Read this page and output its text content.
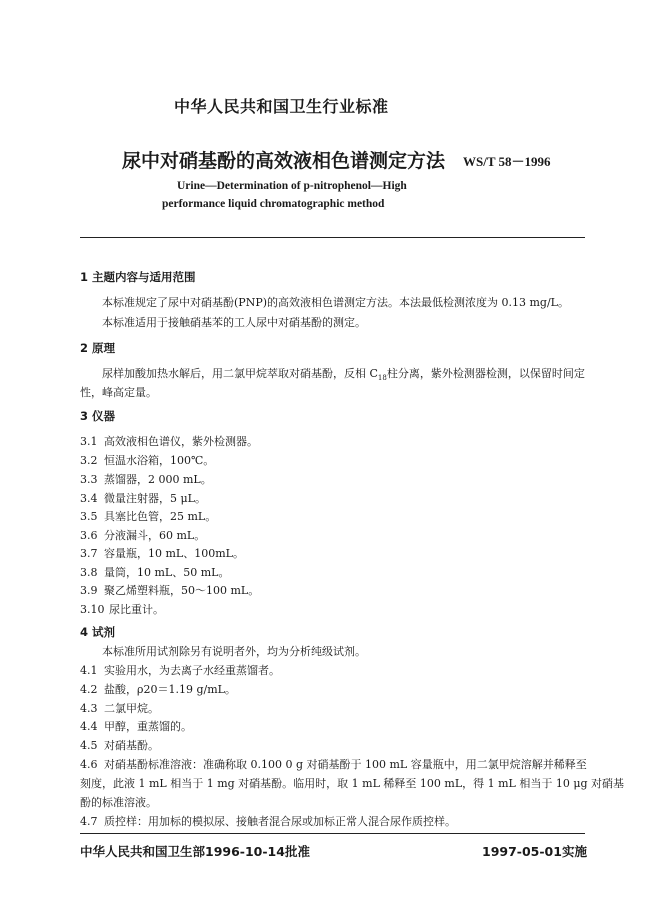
中华人民共和国卫生行业标准
尿中对硝基酚的高效液相色谱测定方法 WS/T 58－1996
Urine—Determination of p-nitrophenol—High
performance liquid chromatographic method
1 主题内容与适用范围
本标准规定了尿中对硝基酚(PNP)的高效液相色谱测定方法。本法最低检测浓度为 0.13 mg/L。
本标准适用于接触硝基苯的工人尿中对硝基酚的测定。
2 原理
尿样加酸加热水解后，用二氯甲烷萃取对硝基酚，反相 $C_{18}$柱分离，紫外检测器检测，以保留时间定
性，峰高定量。
3 仪器
3.1 高效液相色谱仪，紫外检测器。
3.2 恒温水浴箱，100℃。
3.3 蒸馏器，2 000 mL。
3.4 微量注射器，5 μL。
3.5 具塞比色管，25 mL。
3.6 分液漏斗，60 mL。
3.7 容量瓶，10 mL、100mL。
3.8 量筒，10 mL、50 mL。
3.9 聚乙烯塑料瓶，50～100 mL。
3.10 尿比重计。
4 试剂
本标准所用试剂除另有说明者外，均为分析纯级试剂。
4.1 实验用水，为去离子水经重蒸馏者。
4.2 盐酸，ρ20＝1.19 g/mL。
4.3 二氯甲烷。
4.4 甲醇，重蒸馏的。
4.5 对硝基酚。
4.6 对硝基酚标准溶液：准确称取 0.100 0 g 对硝基酚于 100 mL 容量瓶中，用二氯甲烷溶解并稀释至
刻度，此液 1 mL 相当于 1 mg 对硝基酚。临用时，取 1 mL 稀释至 100 mL，得 1 mL 相当于 10 μg 对硝基
酚的标准溶液。
4.7 质控样：用加标的模拟尿、接触者混合尿或加标正常人混合尿作质控样。
中华人民共和国卫生部1996-10-14批准	1997-05-01实施
